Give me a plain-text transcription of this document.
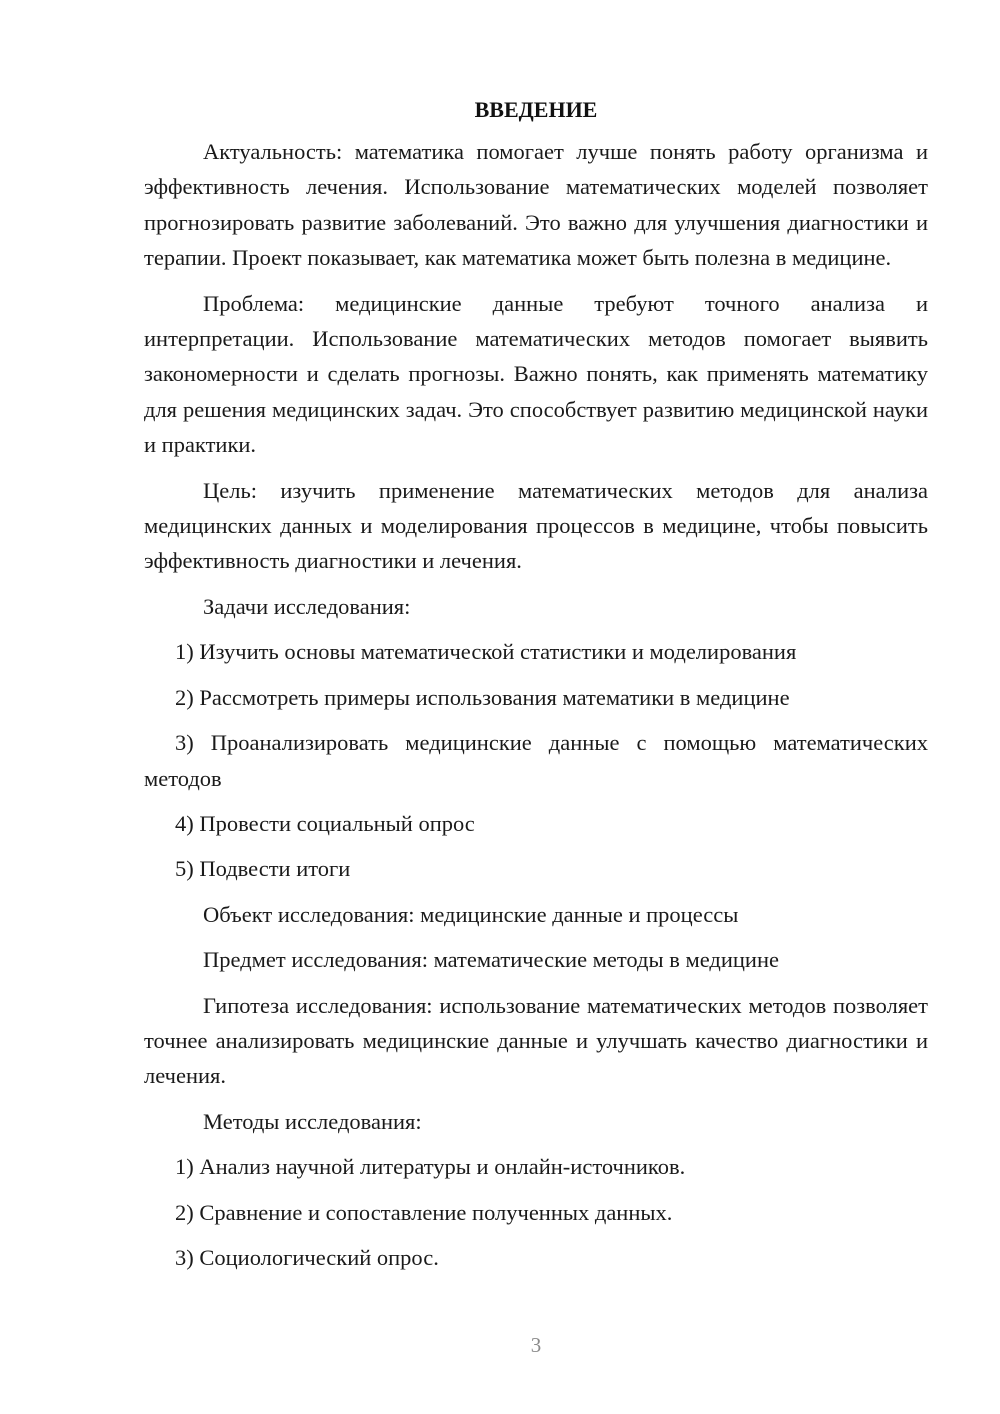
ВВЕДЕНИЕ

Актуальность: математика помогает лучше понять работу организма и эффективность лечения. Использование математических моделей позволяет прогнозировать развитие заболеваний. Это важно для улучшения диагностики и терапии. Проект показывает, как математика может быть полезна в медицине.

Проблема: медицинские данные требуют точного анализа и интерпретации. Использование математических методов помогает выявить закономерности и сделать прогнозы. Важно понять, как применять математику для решения медицинских задач. Это способствует развитию медицинской науки и практики.

Цель: изучить применение математических методов для анализа медицинских данных и моделирования процессов в медицине, чтобы повысить эффективность диагностики и лечения.

Задачи исследования:

1) Изучить основы математической статистики и моделирования

2) Рассмотреть примеры использования математики в медицине

3) Проанализировать медицинские данные с помощью математических методов

4) Провести социальный опрос

5) Подвести итоги

Объект исследования: медицинские данные и процессы

Предмет исследования: математические методы в медицине

Гипотеза исследования: использование математических методов позволяет точнее анализировать медицинские данные и улучшать качество диагностики и лечения.

Методы исследования:

1) Анализ научной литературы и онлайн-источников.

2) Сравнение и сопоставление полученных данных.

3) Социологический опрос.

3
